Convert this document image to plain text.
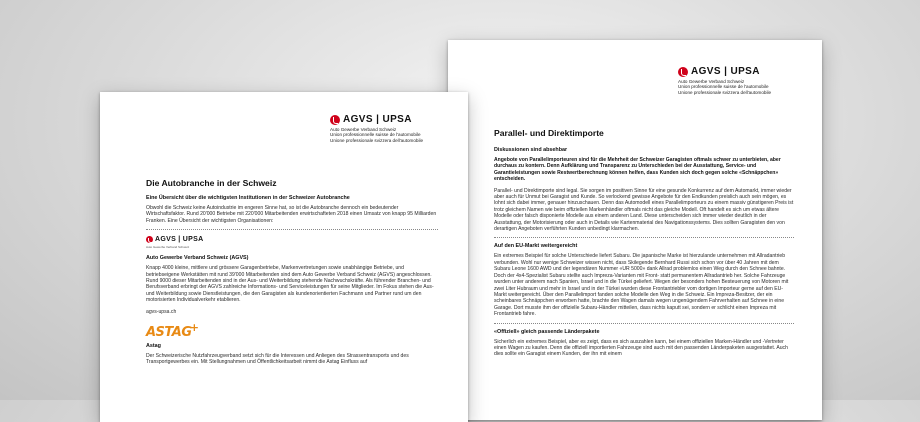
AGVS | UPSA
Auto Gewerbe Verband Schweiz
Union professionnelle suisse de l'automobile
Unione professionale svizzera dell'automobile
Parallel- und Direktimporte

Diskussionen sind absehbar

Angebote von Parallelimporteuren sind für die Mehrheit der Schweizer Garagisten oftmals schwer zu unterbieten, aber durchaus zu kontern. Denn Aufklärung und Transparenz zu Unterschieden bei der Ausstattung, Service- und Garantieleistungen sowie Restwertberechnung können helfen, dass Kunden sich doch gegen solche «Schnäppchen» entscheiden.

Parallel- und Direktimporte sind legal. Sie sorgen im positiven Sinne für eine gesunde Konkurrenz auf dem Automarkt, immer wieder aber auch für Unmut bei Garagist und Kunde. So verlockend gewisse Angebote für den Endkunden preislich auch sein mögen, es lohnt sich dabei immer, genauer hinzuschauen. Denn das Automodell eines Parallelimporteurs zu einem massiv günstigeren Preis ist trotz gleichem Namen wie beim offiziellen Markenhändler oftmals nicht das gleiche Modell. Oft handelt es sich um etwas ältere Modelle oder falsch disponierte Modelle aus einem anderen Land. Diese unterscheiden sich immer wieder deutlich in der Ausstattung, der Motorisierung oder auch in Details wie Kartenmaterial des Navigationssystems. Dies sollten Garagisten den von derartigen Angeboten verführten Kunden unbedingt klarmachen.

Auf den EU-Markt weitergereicht

Ein extremes Beispiel für solche Unterschiede liefert Subaru. Die japanische Marke ist hierzulande unternehmen mit Allradantrieb verbunden. Wohl nur wenige Schweizer wissen nicht, dass Skilegende Bernhard Russi sich schon vor über 40 Jahren mit dem Subaru Leone 1600 AWD und der legendären Nummer «UR 5000» dank Allrad problemlos einen Weg durch den Schnee bahnte. Doch der 4x4-Spezialist Subaru stellte auch Impreza-Varianten mit Front- statt permanentem Allradantrieb her. Solche Fahrzeuge wurden unter anderem nach Spanien, Israel und in die Türkei geliefert. Wegen der besonders hohen Besteuerung von Motoren mit zwei Liter Hubraum und mehr in Israel und in der Türkei wurden diese Frontantriebler vom dortigen Importeur gerne auf den EU-Markt weitergereicht. Über den Parallelimport fanden solche Modelle den Weg in die Schweiz. Ein Impreza-Besitzer, der ein scheinbares Schnäppchen erworben hatte, brachte den Wagen damals wegen ungenügendem Fahrverhalten auf Schnee in eine Garage. Dort musste ihm der offizielle Subaru-Händler mitteilen, dass nichts kaputt sei, sondern er schlicht einen Impreza mit Frontantrieb fahre.

«Offiziell» gleich passende Länderpakete

Sicherlich ein extremes Beispiel, aber es zeigt, dass es sich auszahlen kann, bei einem offiziellen Marken-Händler und -Vertreter einen Wagen zu kaufen. Denn die offiziell importierten Fahrzeuge sind auch mit den passenden Länderpaketen ausgestattet. Auch dies sollte ein Garagist einem Kunden, der ihn mit einem

AGVS | UPSA
Auto Gewerbe Verband Schweiz
Union professionnelle suisse de l'automobile
Unione professionale svizzera dell'automobile
Die Autobranche in der Schweiz

Eine Übersicht über die wichtigsten Institutionen in der Schweizer Autobranche

Obwohl die Schweiz keine Autoindustrie im engeren Sinne hat, so ist die Autobranche dennoch ein bedeutender Wirtschaftsfaktor. Rund 20'000 Betriebe mit 220'000 Mitarbeitenden erwirtschafteten 2018 einen Umsatz von knapp 95 Milliarden Franken. Eine Übersicht der wichtigsten Organisationen:

AGVS | UPSA

Auto Gewerbe Verband Schweiz

Auto Gewerbe Verband Schweiz (AGVS)

Knapp 4000 kleine, mittlere und grössere Garagenbetriebe, Markenvertretungen sowie unabhängige Betriebe, und betriebseigene Werkstätten mit rund 39'000 Mitarbeitenden sind dem Auto Gewerbe Verband Schweiz (AGVS) angeschlossen. Rund 9000 dieser Mitarbeitenden sind in der Aus- und Weiterbildung stehende Nachwuchskräfte. Als führender Branchen- und Berufsverband erbringt der AGVS zahlreiche Informations- und Serviceleistungen für seine Mitglieder. Im Fokus stehen die Aus- und Weiterbildung sowie Dienstleistungen, die den Garagisten als kundenorientierten Fachmann und Partner rund um den motorisierten Individualverkehr etablieren.

agvs-upsa.ch

ASTAG +

Astag

Der Schweizerische Nutzfahrzeugverband setzt sich für die Interessen und Anliegen des Strassentransports und des Transportgewerbes ein. Mit Stellungnahmen und Öffentlichkeitsarbeit nimmt die Astag Einfluss auf
